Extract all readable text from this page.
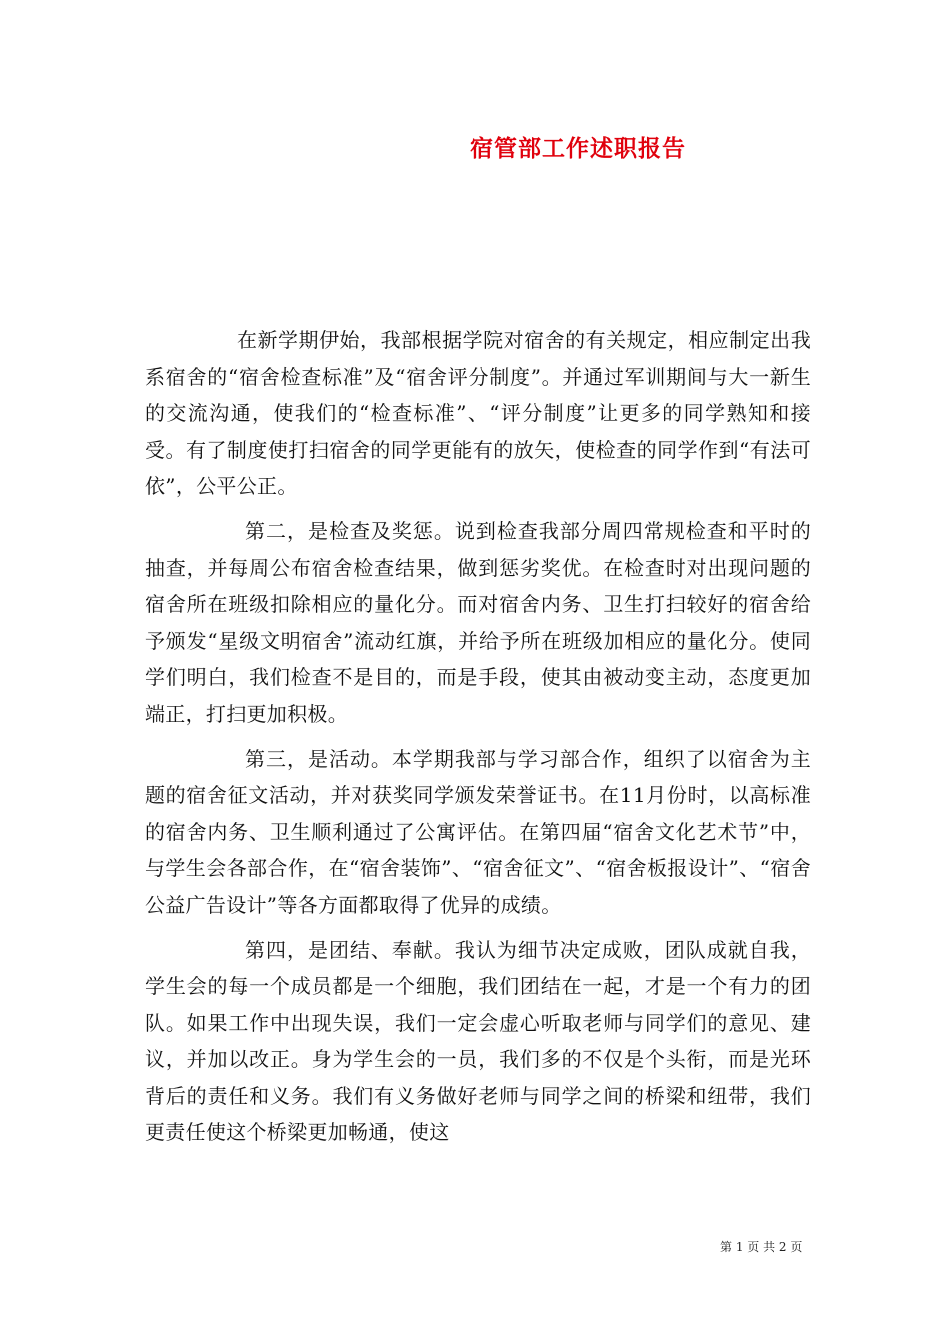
宿管部工作述职报告

在新学期伊始，我部根据学院对宿舍的有关规定，相应制定出我系宿舍的“宿舍检查标准”及“宿舍评分制度”。并通过军训期间与大一新生的交流沟通，使我们的“检查标准”、“评分制度”让更多的同学熟知和接受。有了制度使打扫宿舍的同学更能有的放矢，使检查的同学作到“有法可依”，公平公正。

第二，是检查及奖惩。说到检查我部分周四常规检查和平时的抽查，并每周公布宿舍检查结果，做到惩劣奖优。在检查时对出现问题的宿舍所在班级扣除相应的量化分。而对宿舍内务、卫生打扫较好的宿舍给予颁发“星级文明宿舍”流动红旗，并给予所在班级加相应的量化分。使同学们明白，我们检查不是目的，而是手段，使其由被动变主动，态度更加端正，打扫更加积极。

第三，是活动。本学期我部与学习部合作，组织了以宿舍为主题的宿舍征文活动，并对获奖同学颁发荣誉证书。在11月份时，以高标准的宿舍内务、卫生顺利通过了公寓评估。在第四届“宿舍文化艺术节”中，与学生会各部合作，在“宿舍装饰”、“宿舍征文”、“宿舍板报设计”、“宿舍公益广告设计”等各方面都取得了优异的成绩。

第四，是团结、奉献。我认为细节决定成败，团队成就自我，学生会的每一个成员都是一个细胞，我们团结在一起，才是一个有力的团队。如果工作中出现失误，我们一定会虚心听取老师与同学们的意见、建议，并加以改正。身为学生会的一员，我们多的不仅是个头衔，而是光环背后的责任和义务。我们有义务做好老师与同学之间的桥梁和纽带，我们更责任使这个桥梁更加畅通，使这

第 1 页 共 2 页
